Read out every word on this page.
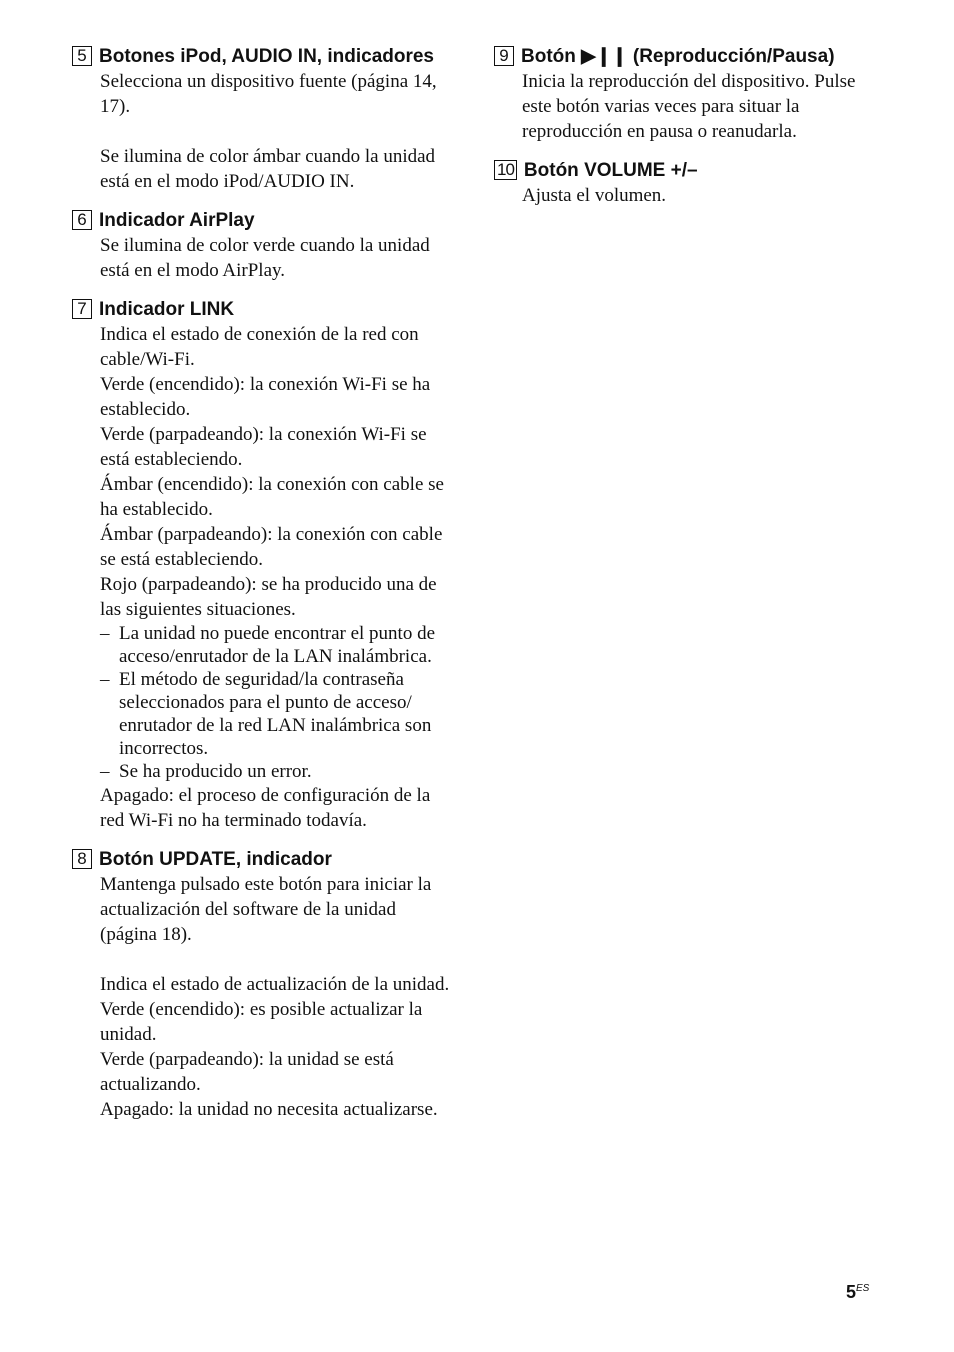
5 Botones iPod, AUDIO IN, indicadores

Selecciona un dispositivo fuente (página 14, 17).

Se ilumina de color ámbar cuando la unidad está en el modo iPod/AUDIO IN.

6 Indicador AirPlay

Se ilumina de color verde cuando la unidad está en el modo AirPlay.

7 Indicador LINK

Indica el estado de conexión de la red con cable/Wi-Fi.

Verde (encendido): la conexión Wi-Fi se ha establecido.

Verde (parpadeando): la conexión Wi-Fi se está estableciendo.

Ámbar (encendido): la conexión con cable se ha establecido.

Ámbar (parpadeando): la conexión con cable se está estableciendo.

Rojo (parpadeando): se ha producido una de las siguientes situaciones.

– La unidad no puede encontrar el punto de acceso/enrutador de la LAN inalámbrica.
– El método de seguridad/la contraseña seleccionados para el punto de acceso/ enrutador de la red LAN inalámbrica son incorrectos.
– Se ha producido un error.

Apagado: el proceso de configuración de la red Wi-Fi no ha terminado todavía.

8 Botón UPDATE, indicador

Mantenga pulsado este botón para iniciar la actualización del software de la unidad (página 18).

Indica el estado de actualización de la unidad.

Verde (encendido): es posible actualizar la unidad.

Verde (parpadeando): la unidad se está actualizando.

Apagado: la unidad no necesita actualizarse.

9 Botón ▶❙❙ (Reproducción/Pausa)

Inicia la reproducción del dispositivo. Pulse este botón varias veces para situar la reproducción en pausa o reanudarla.

10 Botón VOLUME +/–

Ajusta el volumen.

$5^{ES}$
